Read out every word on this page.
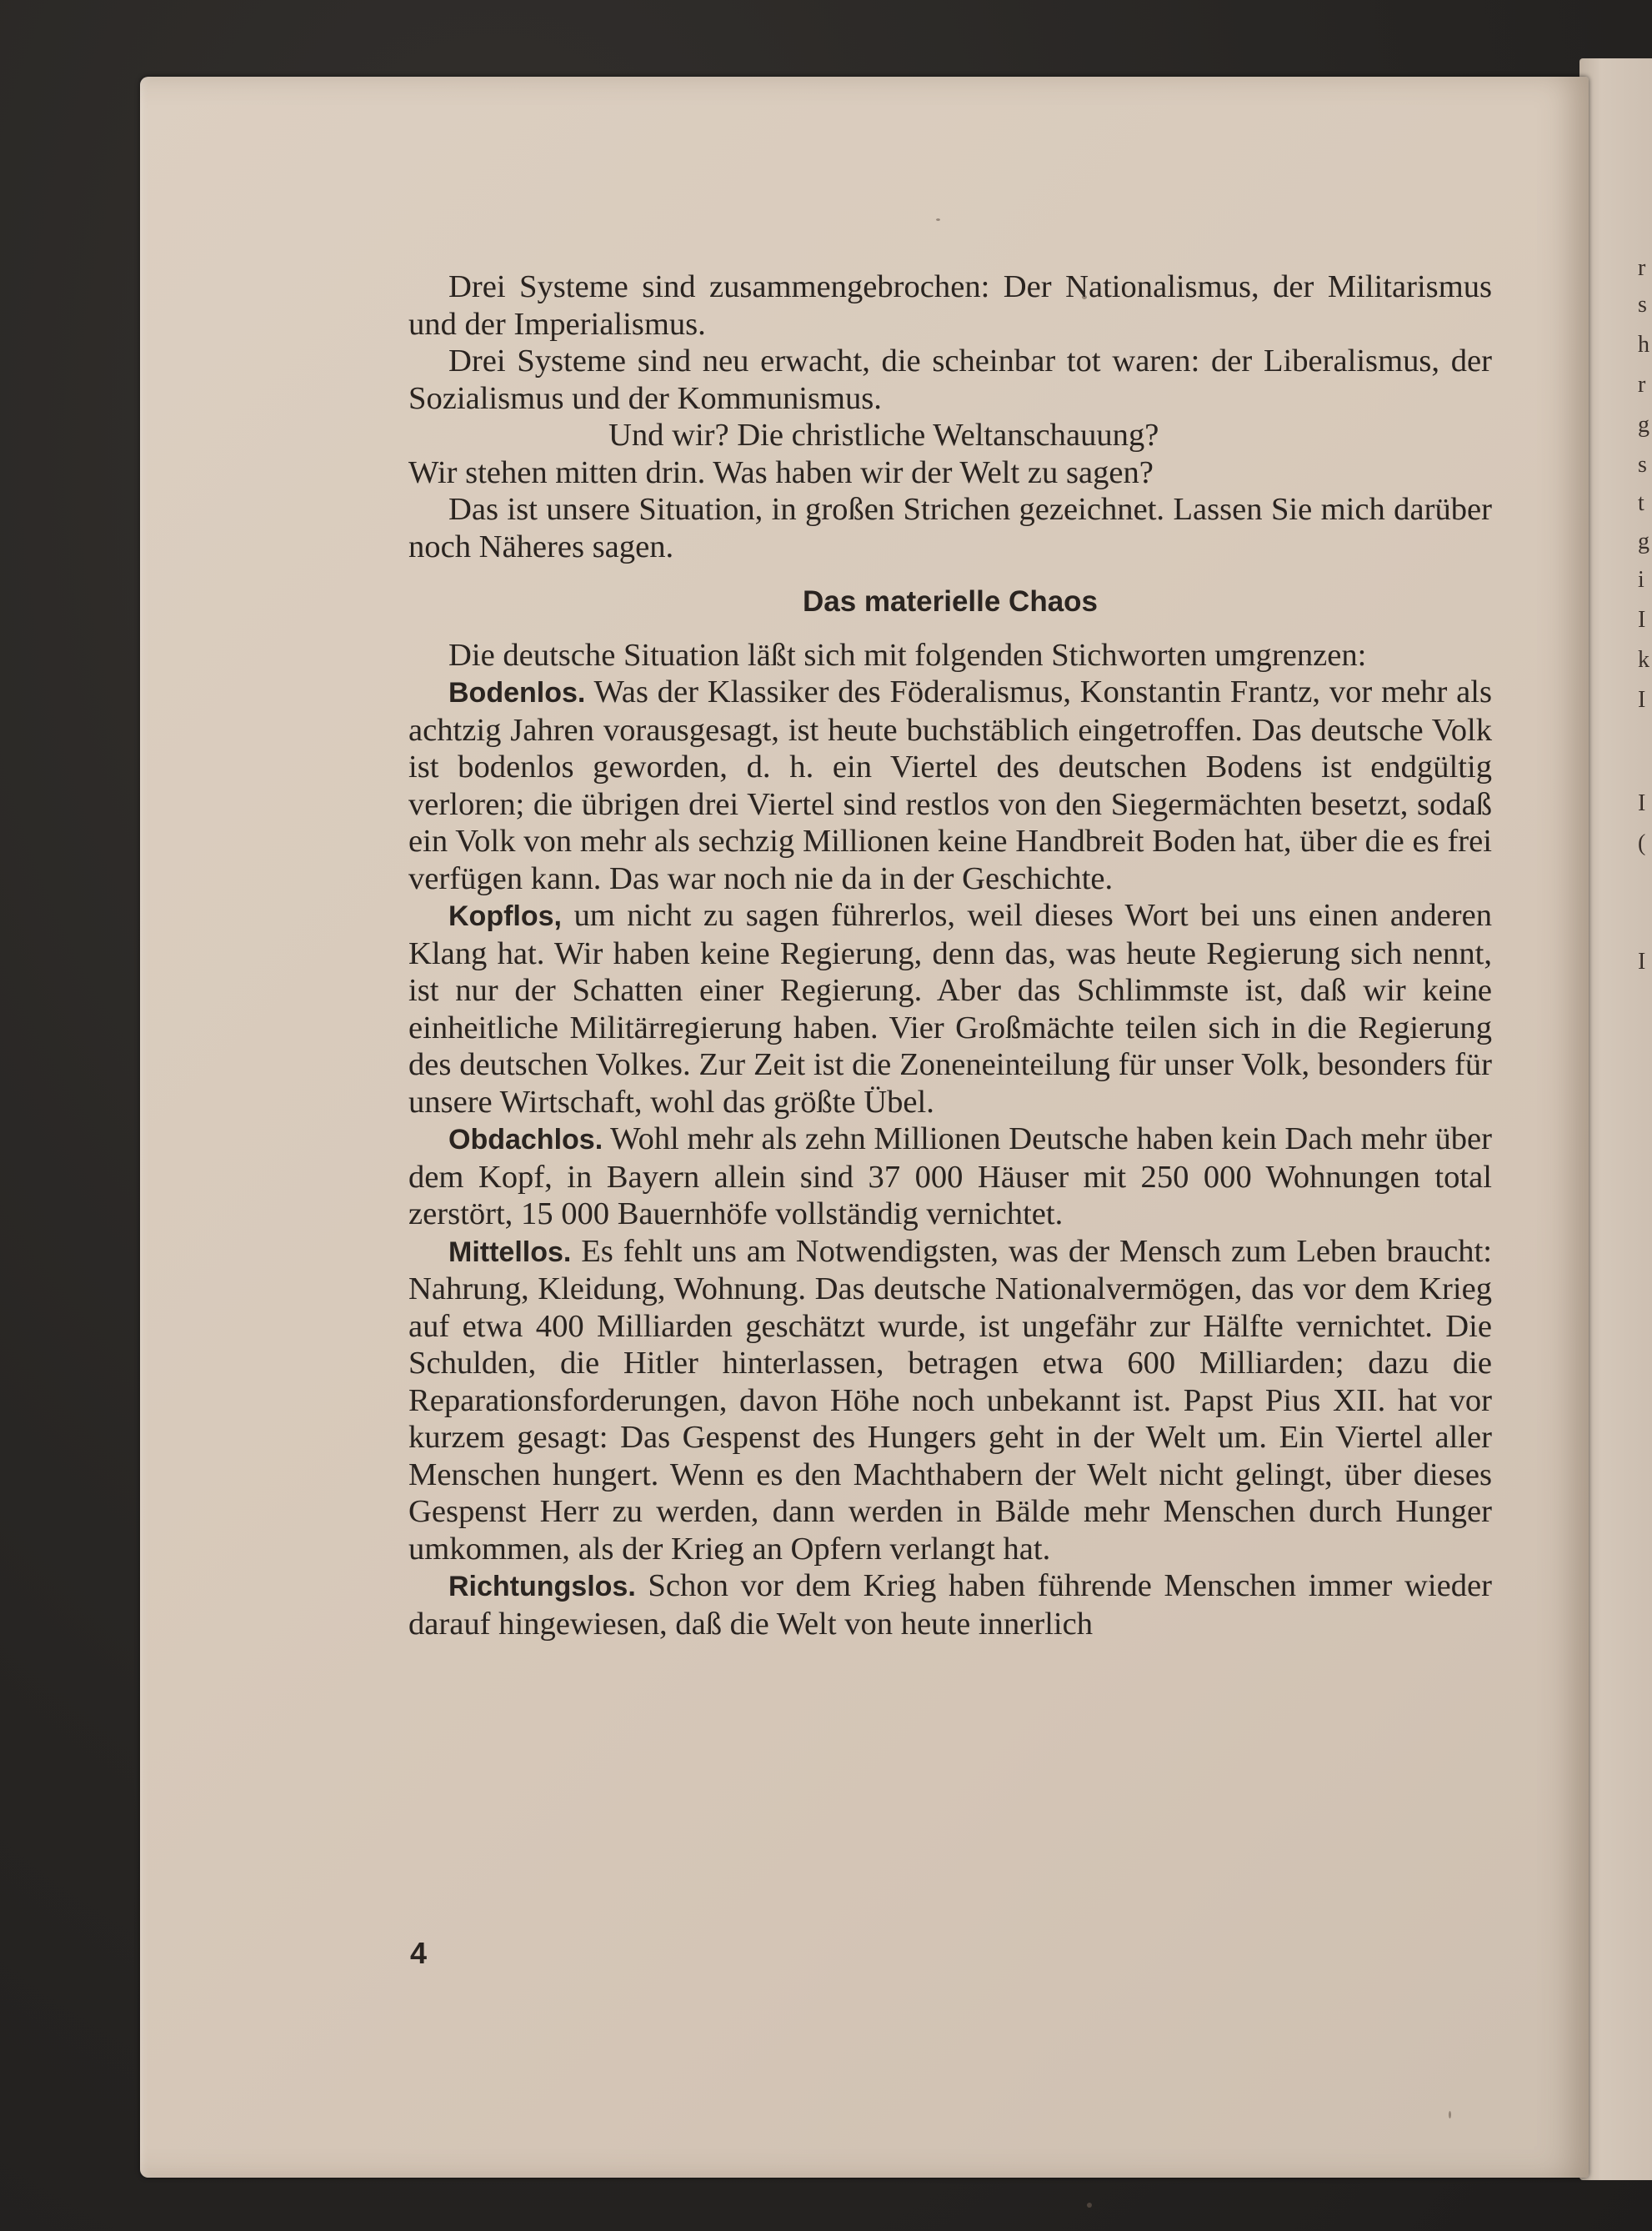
r
s
h
r
g
s
t
g
i
I
k
I
I
(
I

Drei Systeme sind zusammengebrochen: Der Nationalismus, der Militarismus und der Imperialismus.

Drei Systeme sind neu erwacht, die scheinbar tot waren: der Liberalismus, der Sozialismus und der Kommunismus.

Und wir? Die christliche Weltanschauung?

Wir stehen mitten drin. Was haben wir der Welt zu sagen?

Das ist unsere Situation, in großen Strichen gezeichnet. Lassen Sie mich darüber noch Näheres sagen.

Das materielle Chaos

Die deutsche Situation läßt sich mit folgenden Stichworten umgrenzen:

Bodenlos. Was der Klassiker des Föderalismus, Konstantin Frantz, vor mehr als achtzig Jahren vorausgesagt, ist heute buchstäblich eingetroffen. Das deutsche Volk ist bodenlos geworden, d. h. ein Viertel des deutschen Bodens ist endgültig verloren; die übrigen drei Viertel sind restlos von den Siegermächten besetzt, sodaß ein Volk von mehr als sechzig Millionen keine Handbreit Boden hat, über die es frei verfügen kann. Das war noch nie da in der Geschichte.

Kopflos, um nicht zu sagen führerlos, weil dieses Wort bei uns einen anderen Klang hat. Wir haben keine Regierung, denn das, was heute Regierung sich nennt, ist nur der Schatten einer Regierung. Aber das Schlimmste ist, daß wir keine einheitliche Militärregierung haben. Vier Großmächte teilen sich in die Regierung des deutschen Volkes. Zur Zeit ist die Zoneneinteilung für unser Volk, besonders für unsere Wirtschaft, wohl das größte Übel.

Obdachlos. Wohl mehr als zehn Millionen Deutsche haben kein Dach mehr über dem Kopf, in Bayern allein sind 37 000 Häuser mit 250 000 Wohnungen total zerstört, 15 000 Bauernhöfe vollständig vernichtet.

Mittellos. Es fehlt uns am Notwendigsten, was der Mensch zum Leben braucht: Nahrung, Kleidung, Wohnung. Das deutsche Nationalvermögen, das vor dem Krieg auf etwa 400 Milliarden geschätzt wurde, ist ungefähr zur Hälfte vernichtet. Die Schulden, die Hitler hinterlassen, betragen etwa 600 Milliarden; dazu die Reparationsforderungen, davon Höhe noch unbekannt ist. Papst Pius XII. hat vor kurzem gesagt: Das Gespenst des Hungers geht in der Welt um. Ein Viertel aller Menschen hungert. Wenn es den Machthabern der Welt nicht gelingt, über dieses Gespenst Herr zu werden, dann werden in Bälde mehr Menschen durch Hunger umkommen, als der Krieg an Opfern verlangt hat.

Richtungslos. Schon vor dem Krieg haben führende Menschen immer wieder darauf hingewiesen, daß die Welt von heute innerlich

4
